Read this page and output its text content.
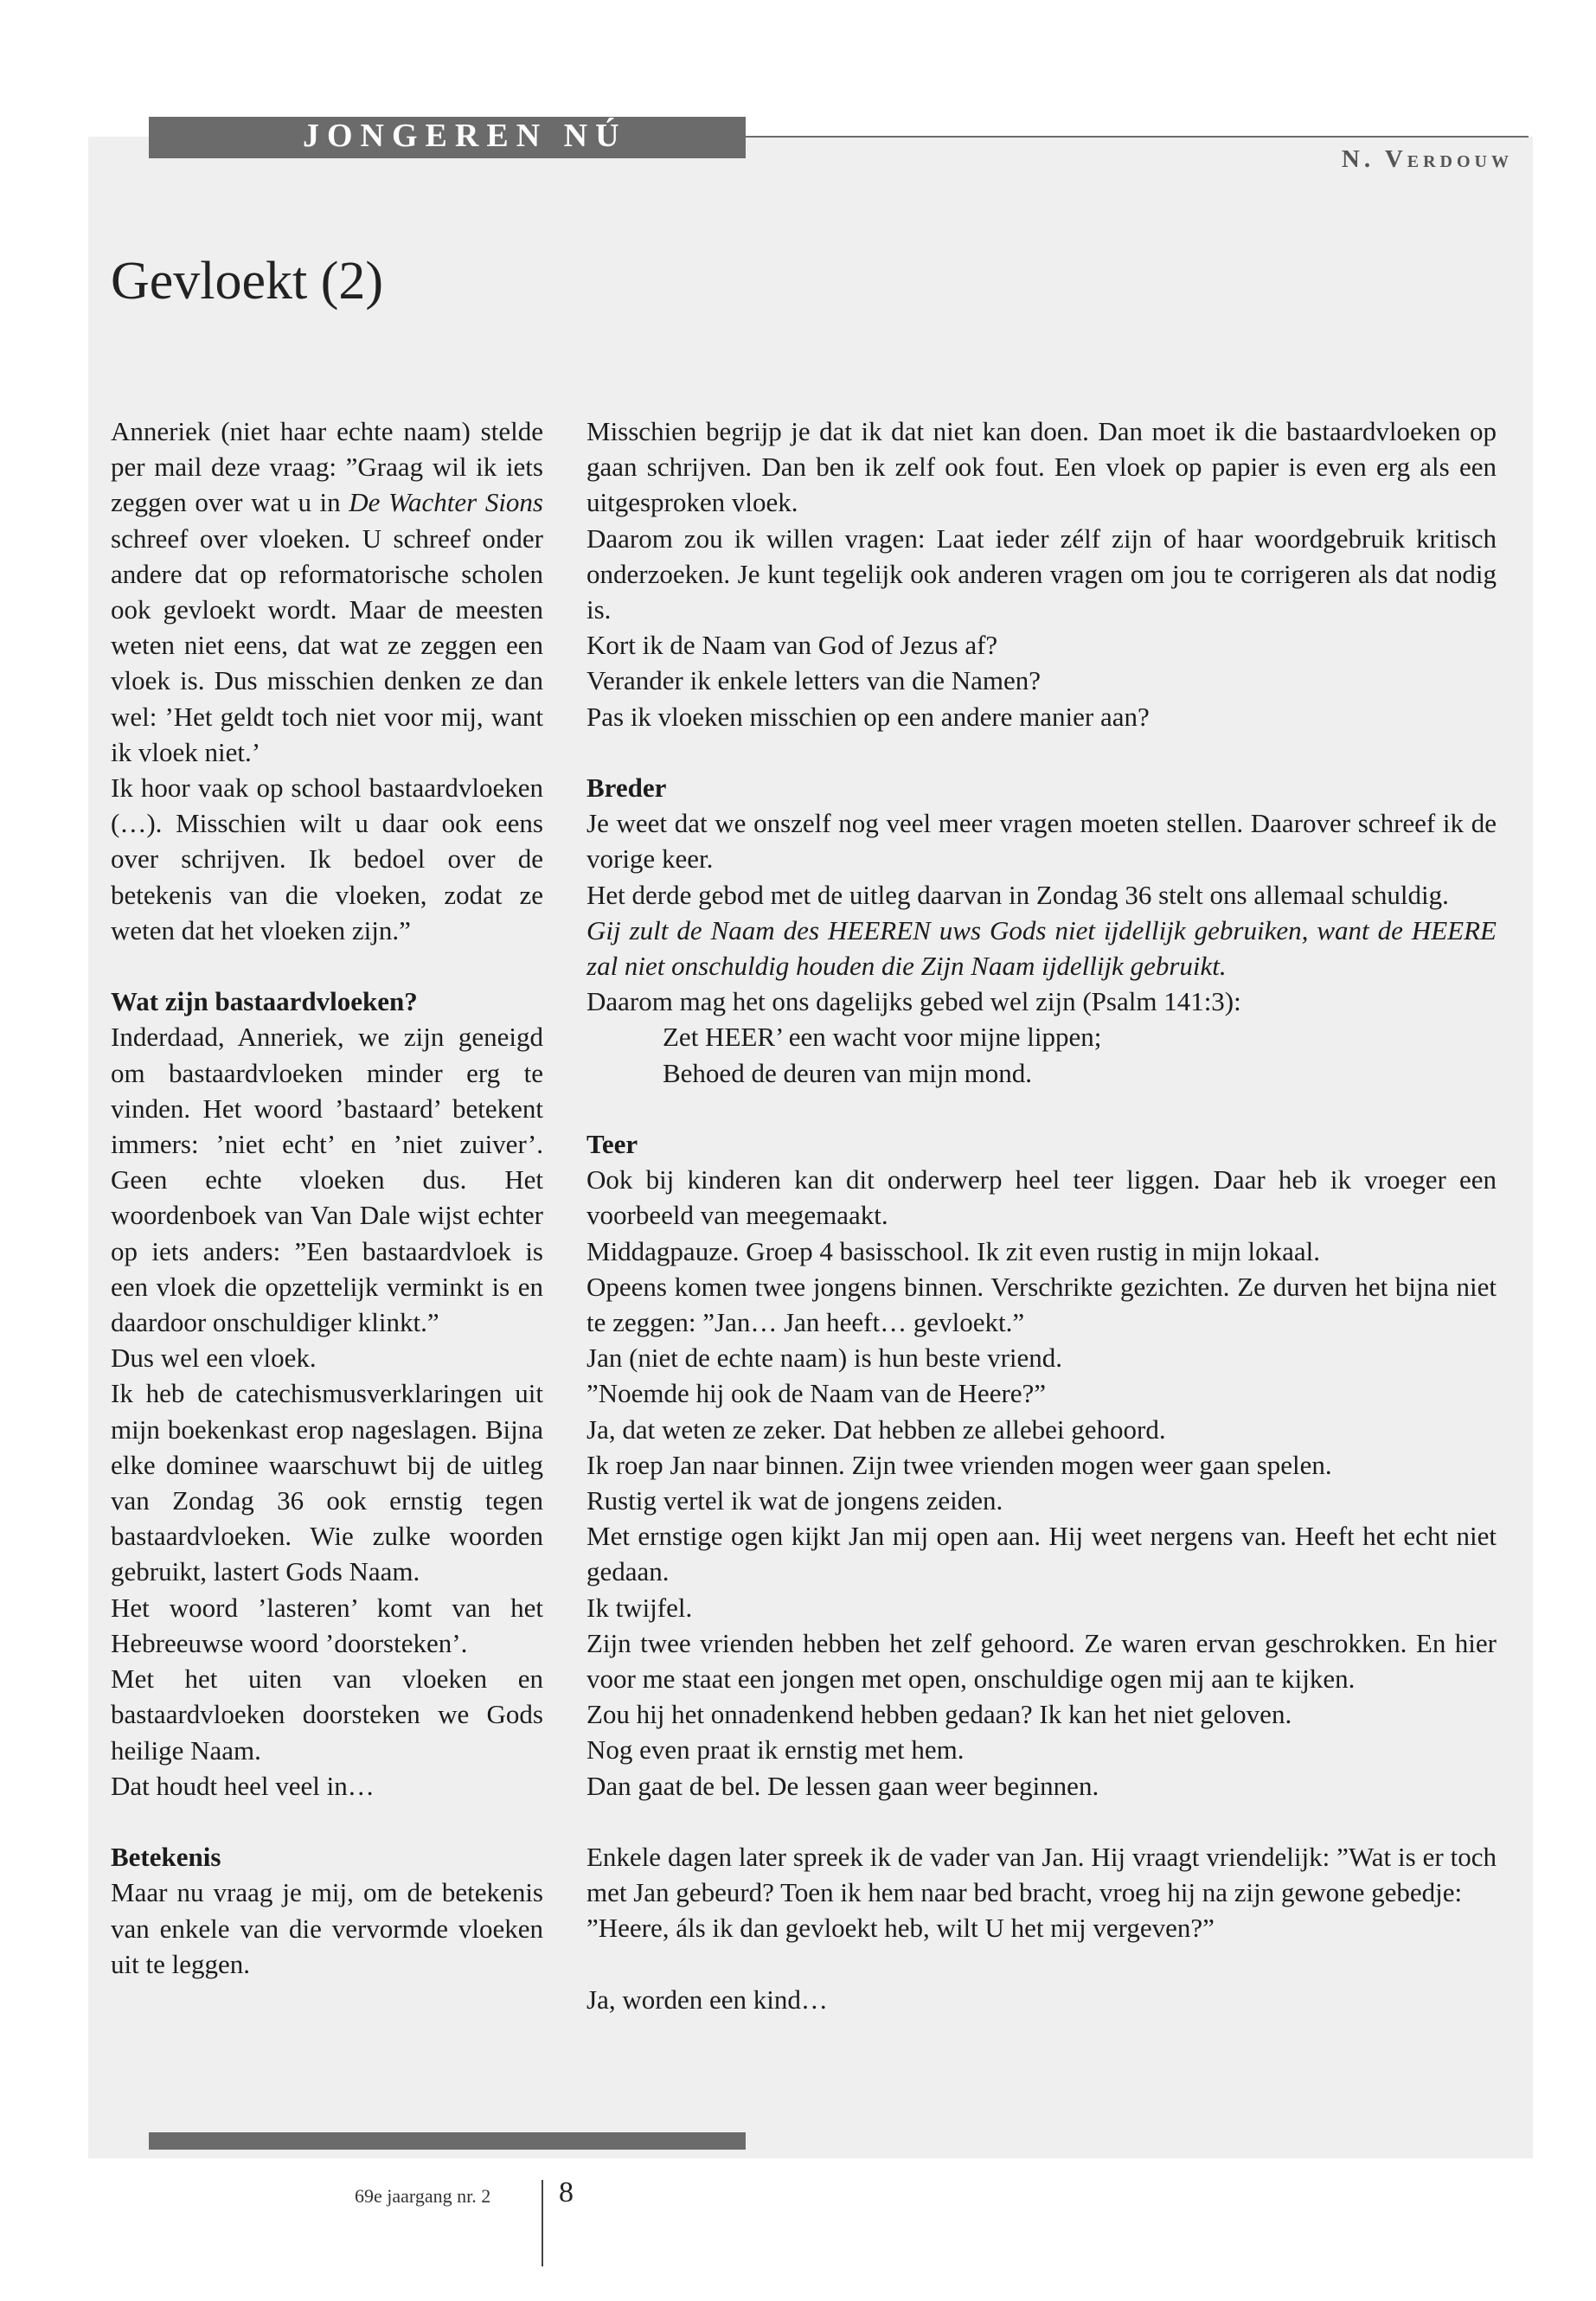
JONGEREN NÚ
N. Verdouw
Gevloekt (2)

Anneriek (niet haar echte naam) stelde per mail deze vraag: ”Graag wil ik iets zeggen over wat u in De Wachter Sions schreef over vloeken. U schreef onder andere dat op reformatorische scholen ook gevloekt wordt. Maar de meesten weten niet eens, dat wat ze zeggen een vloek is. Dus misschien denken ze dan wel: ’Het geldt toch niet voor mij, want ik vloek niet.’

Ik hoor vaak op school bastaardvloeken (…). Misschien wilt u daar ook eens over schrijven. Ik bedoel over de betekenis van die vloeken, zodat ze weten dat het vloeken zijn.”

Wat zijn bastaardvloeken?

Inderdaad, Anneriek, we zijn geneigd om bastaardvloeken minder erg te vinden. Het woord ’bastaard’ betekent immers: ’niet echt’ en ’niet zuiver’. Geen echte vloeken dus. Het woordenboek van Van Dale wijst echter op iets anders: ”Een bastaardvloek is een vloek die opzettelijk verminkt is en daardoor onschuldiger klinkt.”

Dus wel een vloek.

Ik heb de catechismusverklaringen uit mijn boekenkast erop nageslagen. Bijna elke dominee waarschuwt bij de uitleg van Zondag 36 ook ernstig tegen bastaardvloeken. Wie zulke woorden gebruikt, lastert Gods Naam.

Het woord ’lasteren’ komt van het Hebreeuwse woord ’doorsteken’.

Met het uiten van vloeken en bastaardvloeken doorsteken we Gods heilige Naam.

Dat houdt heel veel in…

Betekenis

Maar nu vraag je mij, om de betekenis van enkele van die vervormde vloeken uit te leggen.

Misschien begrijp je dat ik dat niet kan doen. Dan moet ik die bastaardvloeken op gaan schrijven. Dan ben ik zelf ook fout. Een vloek op papier is even erg als een uitgesproken vloek.

Daarom zou ik willen vragen: Laat ieder zélf zijn of haar woordgebruik kritisch onderzoeken. Je kunt tegelijk ook anderen vragen om jou te corrigeren als dat nodig is.

Kort ik de Naam van God of Jezus af?

Verander ik enkele letters van die Namen?

Pas ik vloeken misschien op een andere manier aan?

Breder

Je weet dat we onszelf nog veel meer vragen moeten stellen. Daarover schreef ik de vorige keer.

Het derde gebod met de uitleg daarvan in Zondag 36 stelt ons allemaal schuldig.

Gij zult de Naam des HEEREN uws Gods niet ijdellijk gebruiken, want de HEERE zal niet onschuldig houden die Zijn Naam ijdellijk gebruikt.

Daarom mag het ons dagelijks gebed wel zijn (Psalm 141:3):

Zet HEER’ een wacht voor mijne lippen;

Behoed de deuren van mijn mond.

Teer

Ook bij kinderen kan dit onderwerp heel teer liggen. Daar heb ik vroeger een voorbeeld van meegemaakt.

Middagpauze. Groep 4 basisschool. Ik zit even rustig in mijn lokaal.

Opeens komen twee jongens binnen. Verschrikte gezichten. Ze durven het bijna niet te zeggen: ”Jan… Jan heeft… gevloekt.”

Jan (niet de echte naam) is hun beste vriend.

”Noemde hij ook de Naam van de Heere?”

Ja, dat weten ze zeker. Dat hebben ze allebei gehoord.

Ik roep Jan naar binnen. Zijn twee vrienden mogen weer gaan spelen.

Rustig vertel ik wat de jongens zeiden.

Met ernstige ogen kijkt Jan mij open aan. Hij weet nergens van. Heeft het echt niet gedaan.

Ik twijfel.

Zijn twee vrienden hebben het zelf gehoord. Ze waren ervan geschrokken. En hier voor me staat een jongen met open, onschuldige ogen mij aan te kijken.

Zou hij het onnadenkend hebben gedaan? Ik kan het niet geloven.

Nog even praat ik ernstig met hem.

Dan gaat de bel. De lessen gaan weer beginnen.

Enkele dagen later spreek ik de vader van Jan. Hij vraagt vriendelijk: ”Wat is er toch met Jan gebeurd? Toen ik hem naar bed bracht, vroeg hij na zijn gewone gebedje:

”Heere, áls ik dan gevloekt heb, wilt U het mij vergeven?”

Ja, worden een kind…

69e jaargang nr. 2 8
